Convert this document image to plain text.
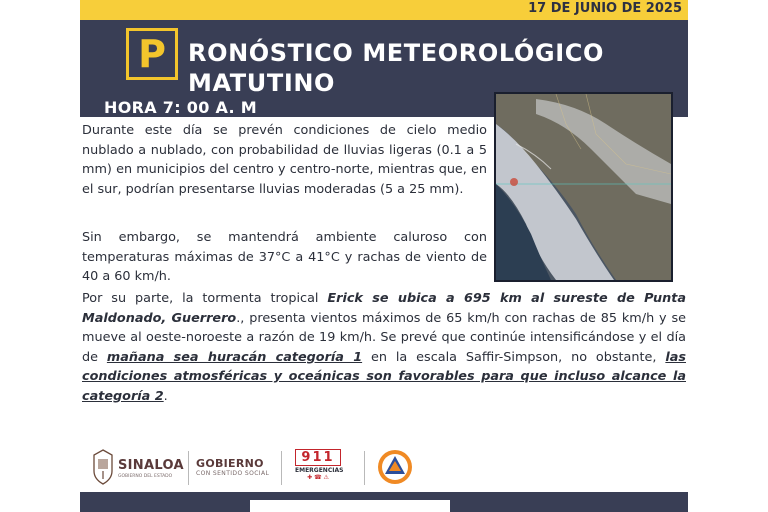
17 DE JUNIO DE 2025
P RONÓSTICO METEOROLÓGICO
MATUTINO
HORA 7: 00 A. M
Durante este día se prevén condiciones de cielo medio nublado a nublado, con probabilidad de lluvias ligeras (0.1 a 5 mm) en municipios del centro y centro-norte, mientras que, en el sur, podrían presentarse lluvias moderadas (5 a 25 mm).
Sin embargo, se mantendrá ambiente caluroso con temperaturas máximas de 37°C a 41°C y rachas de viento de 40 a 60 km/h.
Por su parte, la tormenta tropical Erick se ubica a 695 km al sureste de Punta Maldonado, Guerrero., presenta vientos máximos de 65 km/h con rachas de 85 km/h y se mueve al oeste-noroeste a razón de 19 km/h. Se prevé que continúe intensificándose y el día de mañana sea huracán categoría 1 en la escala Saffir-Simpson, no obstante, las condiciones atmosféricas y oceánicas son favorables para que incluso alcance la categoría 2.
SINALOA
GOBIERNO DEL ESTADO
GOBIERNO
CON SENTIDO SOCIAL
911
EMERGENCIAS
✚ ☎ ⚠
